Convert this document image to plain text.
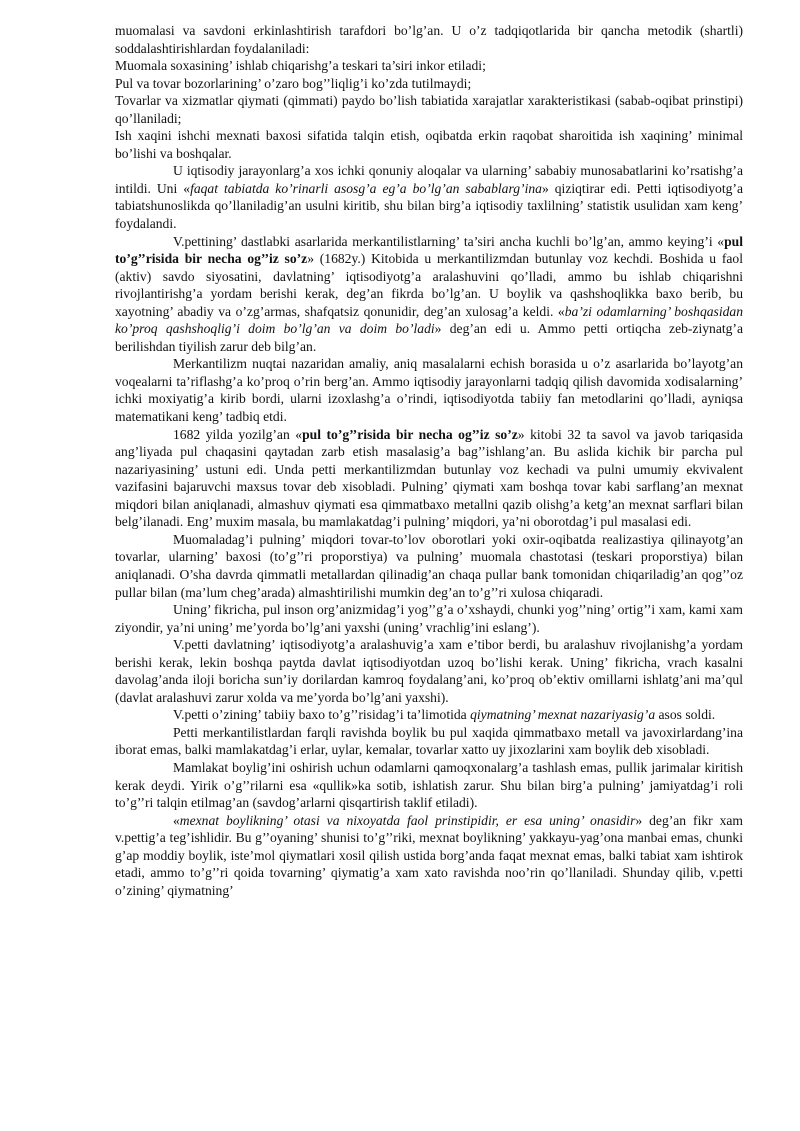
muomalasi va savdoni erkinlashtirish tarafdori bo’lg’an. U o’z tadqiqotlarida bir qancha metodik (shartli) soddalashtirishlardan foydalaniladi:

Muomala soxasining’ ishlab chiqarishg’a teskari ta’siri inkor etiladi;

Pul va tovar bozorlarining’ o’zaro bog’’liqlig’i ko’zda tutilmaydi;

Tovarlar va xizmatlar qiymati (qimmati) paydo bo’lish tabiatida xarajatlar xarakteristikasi (sabab-oqibat prinstipi) qo’llaniladi;

Ish xaqini ishchi mexnati baxosi sifatida talqin etish, oqibatda erkin raqobat sharoitida ish xaqining’ minimal bo’lishi va boshqalar.

U iqtisodiy jarayonlarg’a xos ichki qonuniy aloqalar va ularning’ sababiy munosabatlarini ko’rsatishg’a intildi. Uni «faqat tabiatda ko’rinarli asosg’a eg’a bo’lg’an sabablarg’ina» qiziqtirar edi. Petti iqtisodiyotg’a tabiatshunoslikda qo’llaniladig’an usulni kiritib, shu bilan birg’a iqtisodiy taxlilning’ statistik usulidan xam keng’ foydalandi.

V.pettining’ dastlabki asarlarida merkantilistlarning’ ta’siri ancha kuchli bo’lg’an, ammo keying’i «pul to’g’’risida bir necha og’’iz so’z» (1682y.) Kitobida u merkantilizmdan butunlay voz kechdi. Boshida u faol (aktiv) savdo siyosatini, davlatning’ iqtisodiyotg’a aralashuvini qo’lladi, ammo bu ishlab chiqarishni rivojlantirishg’a yordam berishi kerak, deg’an fikrda bo’lg’an. U boylik va qashshoqlikka baxo berib, bu xayotning’ abadiy va o’zg’armas, shafqatsiz qonunidir, deg’an xulosag’a keldi. «ba’zi odamlarning’ boshqasidan ko’proq qashshoqlig’i doim bo’lg’an va doim bo’ladi» deg’an edi u. Ammo petti ortiqcha zeb-ziynatg’a berilishdan tiyilish zarur deb bilg’an.

Merkantilizm nuqtai nazaridan amaliy, aniq masalalarni echish borasida u o’z asarlarida bo’layotg’an voqealarni ta’riflashg’a ko’proq o’rin berg’an. Ammo iqtisodiy jarayonlarni tadqiq qilish davomida xodisalarning’ ichki moxiyatig’a kirib bordi, ularni izoxlashg’a o’rindi, iqtisodiyotda tabiiy fan metodlarini qo’lladi, ayniqsa matematikani keng’ tadbiq etdi.

1682 yilda yozilg’an «pul to’g’’risida bir necha og’’iz so’z» kitobi 32 ta savol va javob tariqasida ang’liyada pul chaqasini qaytadan zarb etish masalasig’a bag’’ishlang’an. Bu aslida kichik bir parcha pul nazariyasining’ ustuni edi. Unda petti merkantilizmdan butunlay voz kechadi va pulni umumiy ekvivalent vazifasini bajaruvchi maxsus tovar deb xisobladi. Pulning’ qiymati xam boshqa tovar kabi sarflang’an mexnat miqdori bilan aniqlanadi, almashuv qiymati esa qimmatbaxo metallni qazib olishg’a ketg’an mexnat sarflari bilan belg’ilanadi. Eng’ muxim masala, bu mamlakatdag’i pulning’ miqdori, ya’ni oborotdag’i pul masalasi edi.

Muomaladag’i pulning’ miqdori tovar-to’lov oborotlari yoki oxir-oqibatda realizastiya qilinayotg’an tovarlar, ularning’ baxosi (to’g’’ri proporstiya) va pulning’ muomala chastotasi (teskari proporstiya) bilan aniqlanadi. O’sha davrda qimmatli metallardan qilinadig’an chaqa pullar bank tomonidan chiqariladig’an qog’’oz pullar bilan (ma’lum cheg’arada) almashtirilishi mumkin deg’an to’g’’ri xulosa chiqaradi.

Uning’ fikricha, pul inson org’anizmidag’i yog’’g’a o’xshaydi, chunki yog’’ning’ ortig’’i xam, kami xam ziyondir, ya’ni uning’ me’yorda bo’lg’ani yaxshi (uning’ vrachlig’ini eslang’).

V.petti davlatning’ iqtisodiyotg’a aralashuvig’a xam e’tibor berdi, bu aralashuv rivojlanishg’a yordam berishi kerak, lekin boshqa paytda davlat iqtisodiyotdan uzoq bo’lishi kerak. Uning’ fikricha, vrach kasalni davolag’anda iloji boricha sun’iy dorilardan kamroq foydalang’ani, ko’proq ob’ektiv omillarni ishlatg’ani ma’qul (davlat aralashuvi zarur xolda va me’yorda bo’lg’ani yaxshi).

V.petti o’zining’ tabiiy baxo to’g’’risidag’i ta’limotida qiymatning’ mexnat nazariyasig’a asos soldi.

Petti merkantilistlardan farqli ravishda boylik bu pul xaqida qimmatbaxo metall va javoxirlardang’ina iborat emas, balki mamlakatdag’i erlar, uylar, kemalar, tovarlar xatto uy jixozlarini xam boylik deb xisobladi.

Mamlakat boylig’ini oshirish uchun odamlarni qamoqxonalarg’a tashlash emas, pullik jarimalar kiritish kerak deydi. Yirik o’g’’rilarni esa «qullik»ka sotib, ishlatish zarur. Shu bilan birg’a pulning’ jamiyatdag’i roli to’g’’ri talqin etilmag’an (savdog’arlarni qisqartirish taklif etiladi).

«mexnat boylikning’ otasi va nixoyatda faol prinstipidir, er esa uning’ onasidir» deg’an fikr xam v.pettig’a teg’ishlidir. Bu g’’oyaning’ shunisi to’g’’riki, mexnat boylikning’ yakkayu-yag’ona manbai emas, chunki g’ap moddiy boylik, iste’mol qiymatlari xosil qilish ustida borg’anda faqat mexnat emas, balki tabiat xam ishtirok etadi, ammo to’g’’ri qoida tovarning’ qiymatig’a xam xato ravishda noo’rin qo’llaniladi. Shunday qilib, v.petti o’zining’ qiymatning’
